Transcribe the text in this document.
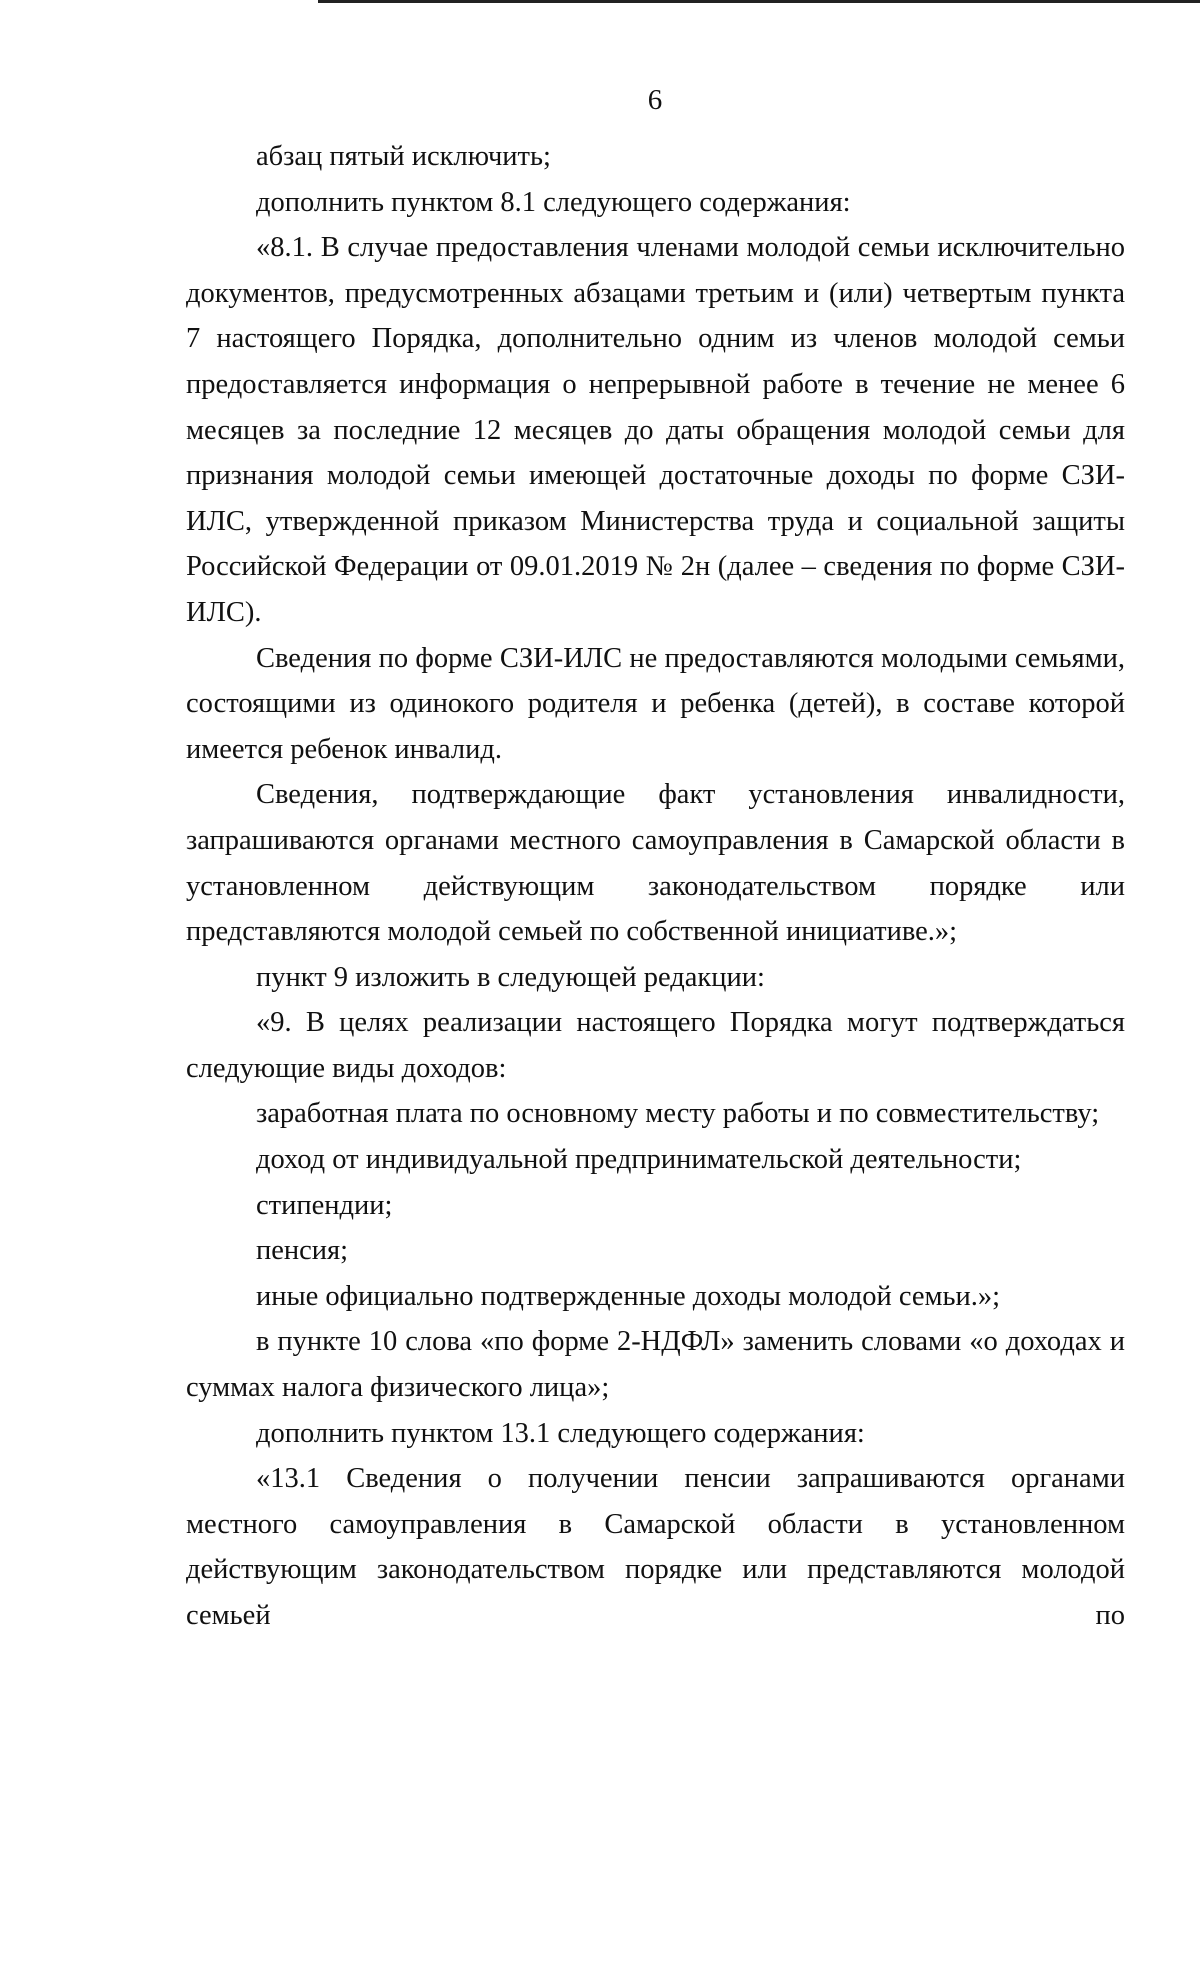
6

абзац пятый исключить;

дополнить пунктом 8.1 следующего содержания:

«8.1. В случае предоставления членами молодой семьи исключительно документов, предусмотренных абзацами третьим и (или) четвертым пункта 7 настоящего Порядка, дополнительно одним из членов молодой семьи предоставляется информация о непрерывной работе в течение не менее 6 месяцев за последние 12 месяцев до даты обращения молодой семьи для признания молодой семьи имеющей достаточные доходы по форме СЗИ-ИЛС, утвержденной приказом Министерства труда и социальной защиты Российской Федерации от 09.01.2019 № 2н (далее – сведения по форме СЗИ-ИЛС).

Сведения по форме СЗИ-ИЛС не предоставляются молодыми семьями, состоящими из одинокого родителя и ребенка (детей), в составе которой имеется ребенок инвалид.

Сведения, подтверждающие факт установления инвалидности, запрашиваются органами местного самоуправления в Самарской области в установленном действующим законодательством порядке или представляются молодой семьей по собственной инициативе.»;

пункт 9 изложить в следующей редакции:

«9. В целях реализации настоящего Порядка могут подтверждаться следующие виды доходов:

заработная плата по основному месту работы и по совместительству;

доход от индивидуальной предпринимательской деятельности;

стипендии;

пенсия;

иные официально подтвержденные доходы молодой семьи.»;

в пункте 10 слова «по форме 2-НДФЛ» заменить словами «о доходах и суммах налога физического лица»;

дополнить пунктом 13.1 следующего содержания:

«13.1 Сведения о получении пенсии запрашиваются органами местного самоуправления в Самарской области в установленном действующим законодательством порядке или представляются молодой семьей по
